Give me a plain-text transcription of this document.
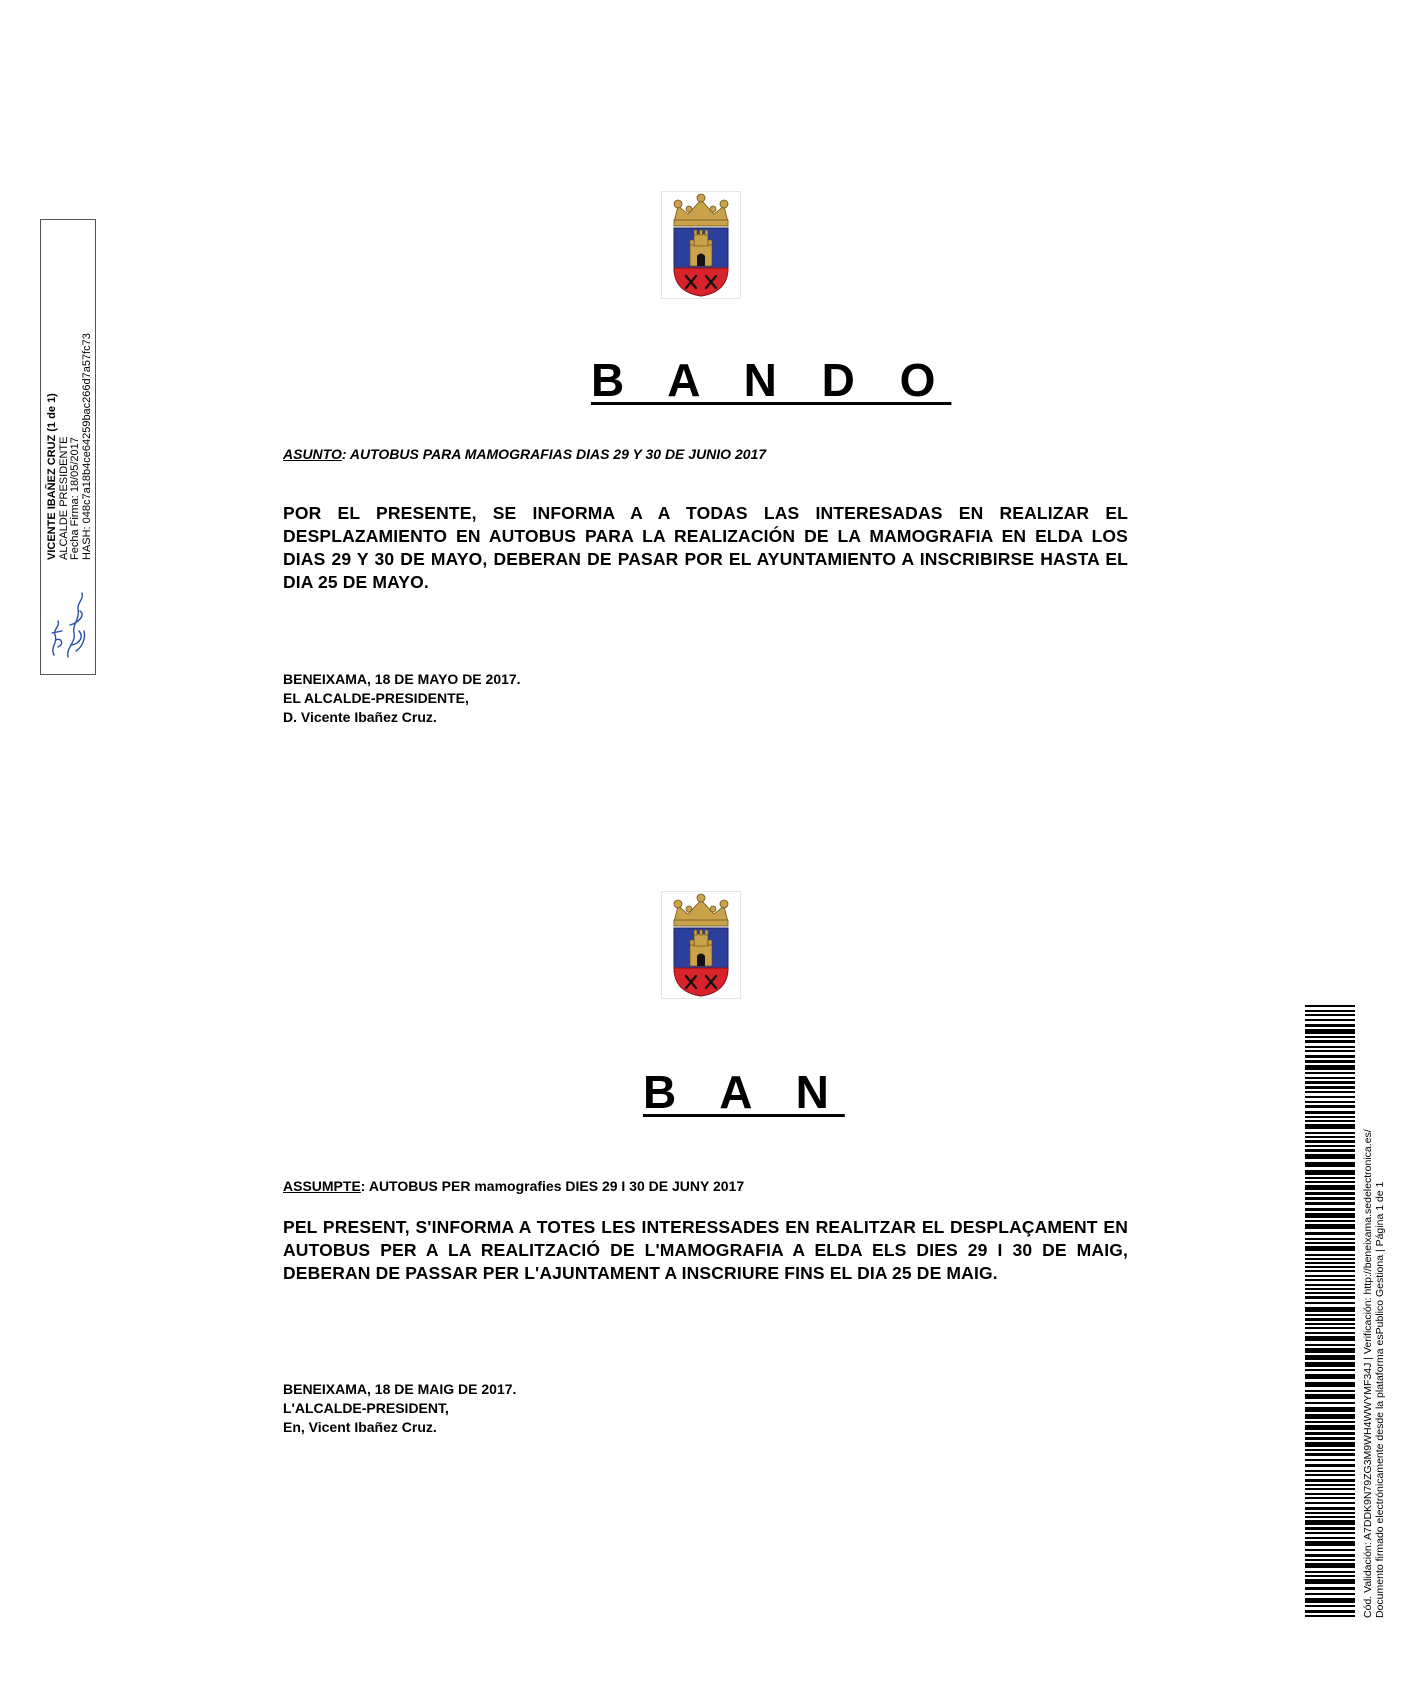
VICENTE IBAÑEZ CRUZ (1 de 1) ALCALDE PRESIDENTE Fecha Firma: 18/05/2017 HASH: 048c7a18b4ce64259bac266d7a57fc73	B A N D O
ASUNTO: AUTOBUS PARA MAMOGRAFIAS DIAS 29 Y 30 DE JUNIO 2017
POR EL PRESENTE, SE INFORMA A A TODAS LAS INTERESADAS EN REALIZAR EL DESPLAZAMIENTO EN AUTOBUS PARA LA REALIZACIÓN DE LA MAMOGRAFIA EN ELDA LOS DIAS 29 Y 30 DE MAYO, DEBERAN DE PASAR POR EL AYUNTAMIENTO A INSCRIBIRSE HASTA EL DIA 25 DE MAYO.
BENEIXAMA, 18 DE MAYO DE 2017.
EL ALCALDE-PRESIDENTE,
D. Vicente Ibañez Cruz.
B A N
ASSUMPTE: AUTOBUS PER mamografies DIES 29 I 30 DE JUNY 2017
PEL PRESENT, S'INFORMA A TOTES LES INTERESSADES EN REALITZAR EL DESPLAÇAMENT EN AUTOBUS PER A LA REALITZACIÓ DE L'MAMOGRAFIA A ELDA ELS DIES 29 I 30 DE MAIG, DEBERAN DE PASSAR PER L'AJUNTAMENT A INSCRIURE FINS EL DIA 25 DE MAIG.
BENEIXAMA, 18 DE MAIG DE 2017.
L'ALCALDE-PRESIDENT,
En, Vicent Ibañez Cruz.	Cód. Validación: A7DDK9N79ZG3M9WH4WWYMF34J | Verificación: http://beneixama.sedelectronica.es/ Documento firmado electrónicamente desde la plataforma esPublico Gestiona | Página 1 de 1
